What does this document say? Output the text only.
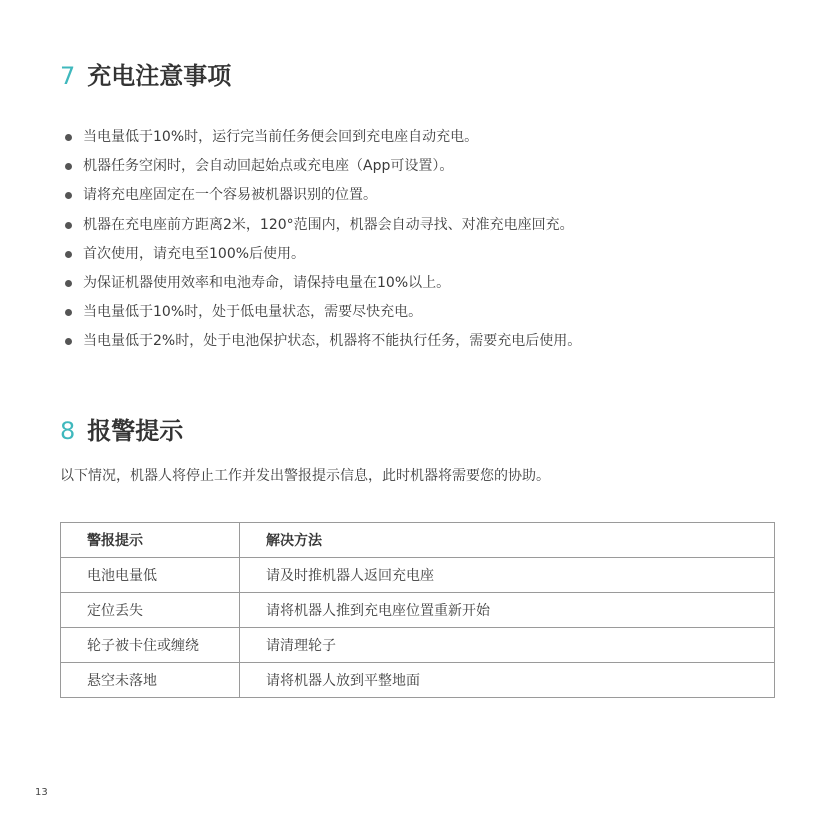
7 充电注意事项
当电量低于10%时，运行完当前任务便会回到充电座自动充电。
机器任务空闲时，会自动回起始点或充电座（App可设置）。
请将充电座固定在一个容易被机器识别的位置。
机器在充电座前方距离2米，120°范围内，机器会自动寻找、对准充电座回充。
首次使用，请充电至100%后使用。
为保证机器使用效率和电池寿命，请保持电量在10%以上。
当电量低于10%时，处于低电量状态，需要尽快充电。
当电量低于2%时，处于电池保护状态，机器将不能执行任务，需要充电后使用。
8 报警提示

以下情况，机器人将停止工作并发出警报提示信息，此时机器将需要您的协助。

警报提示	解决方法
电池电量低	请及时推机器人返回充电座
定位丢失	请将机器人推到充电座位置重新开始
轮子被卡住或缠绕	请清理轮子
悬空未落地	请将机器人放到平整地面
13
